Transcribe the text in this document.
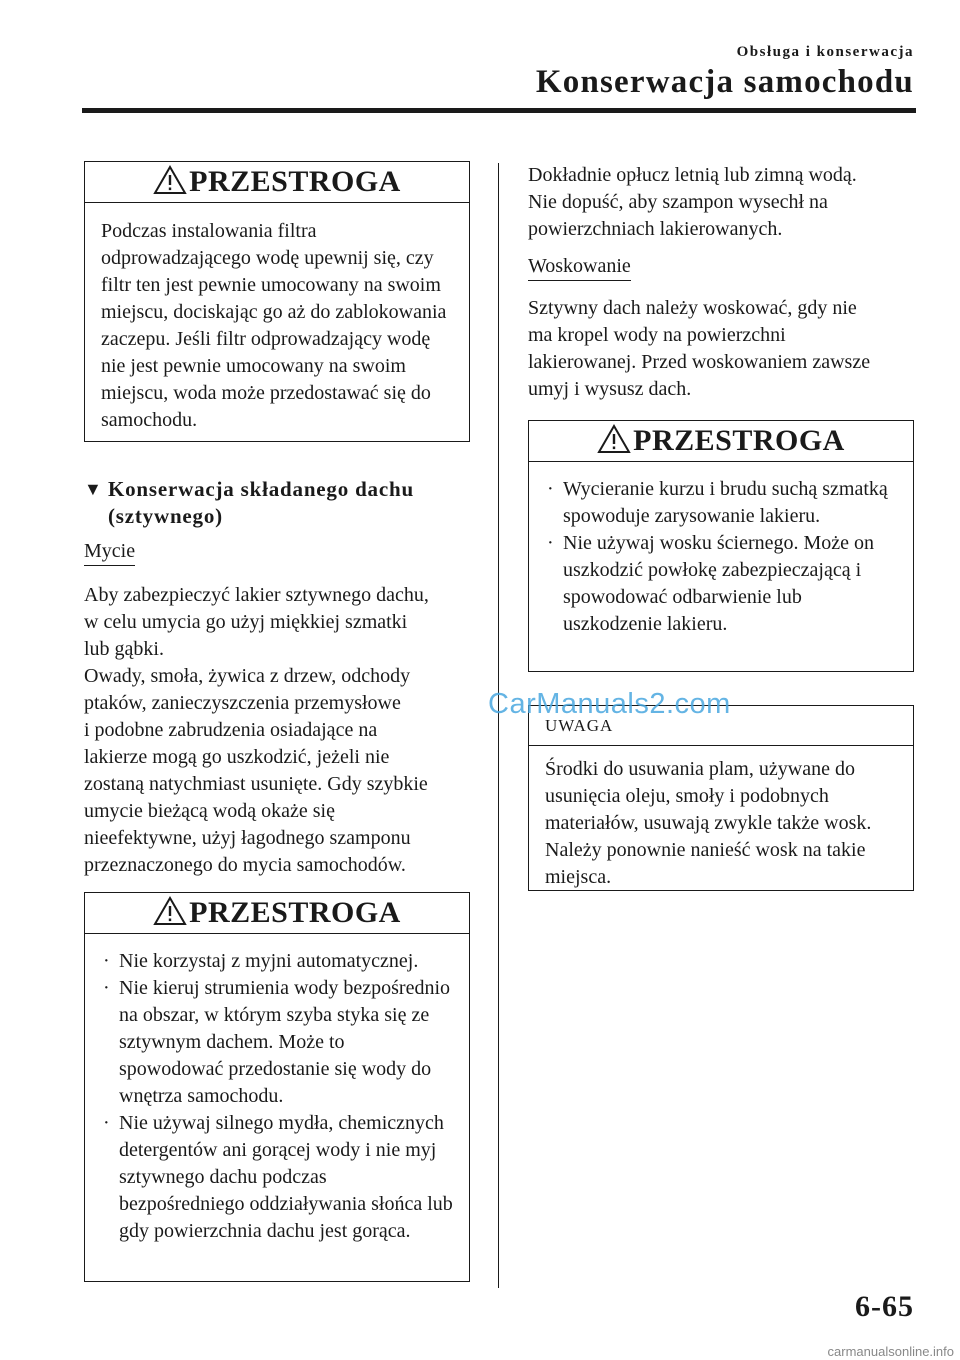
Obsługa i konserwacja
Konserwacja samochodu
PRZESTROGA

Podczas instalowania filtra odprowadzającego wodę upewnij się, czy filtr ten jest pewnie umocowany na swoim miejscu, dociskając go aż do zablokowania zaczepu. Jeśli filtr odprowadzający wodę nie jest pewnie umocowany na swoim miejscu, woda może przedostawać się do samochodu.

▼ Konserwacja składanego dachu
(sztywnego)
Mycie
Aby zabezpieczyć lakier sztywnego dachu,
w celu umycia go użyj miękkiej szmatki
lub gąbki.
Owady, smoła, żywica z drzew, odchody
ptaków, zanieczyszczenia przemysłowe
i podobne zabrudzenia osiadające na
lakierze mogą go uszkodzić, jeżeli nie
zostaną natychmiast usunięte. Gdy szybkie
umycie bieżącą wodą okaże się
nieefektywne, użyj łagodnego szamponu
przeznaczonego do mycia samochodów.
PRZESTROGA
· Nie korzystaj z myjni automatycznej.
· Nie kieruj strumienia wody bezpośrednio na obszar, w którym szyba styka się ze sztywnym dachem. Może to spowodować przedostanie się wody do wnętrza samochodu.
· Nie używaj silnego mydła, chemicznych detergentów ani gorącej wody i nie myj sztywnego dachu podczas bezpośredniego oddziaływania słońca lub gdy powierzchnia dachu jest gorąca.
Dokładnie opłucz letnią lub zimną wodą.
Nie dopuść, aby szampon wysechł na
powierzchniach lakierowanych.
Woskowanie
Sztywny dach należy woskować, gdy nie
ma kropel wody na powierzchni
lakierowanej. Przed woskowaniem zawsze
umyj i wysusz dach.
PRZESTROGA
· Wycieranie kurzu i brudu suchą szmatką spowoduje zarysowanie lakieru.
· Nie używaj wosku ściernego. Może on uszkodzić powłokę zabezpieczającą i spowodować odbarwienie lub uszkodzenie lakieru.
UWAGA

Środki do usuwania plam, używane do usunięcia oleju, smoły i podobnych materiałów, usuwają zwykle także wosk. Należy ponownie nanieść wosk na takie miejsca.

CarManuals2.com
6-65
carmanualsonline.info
